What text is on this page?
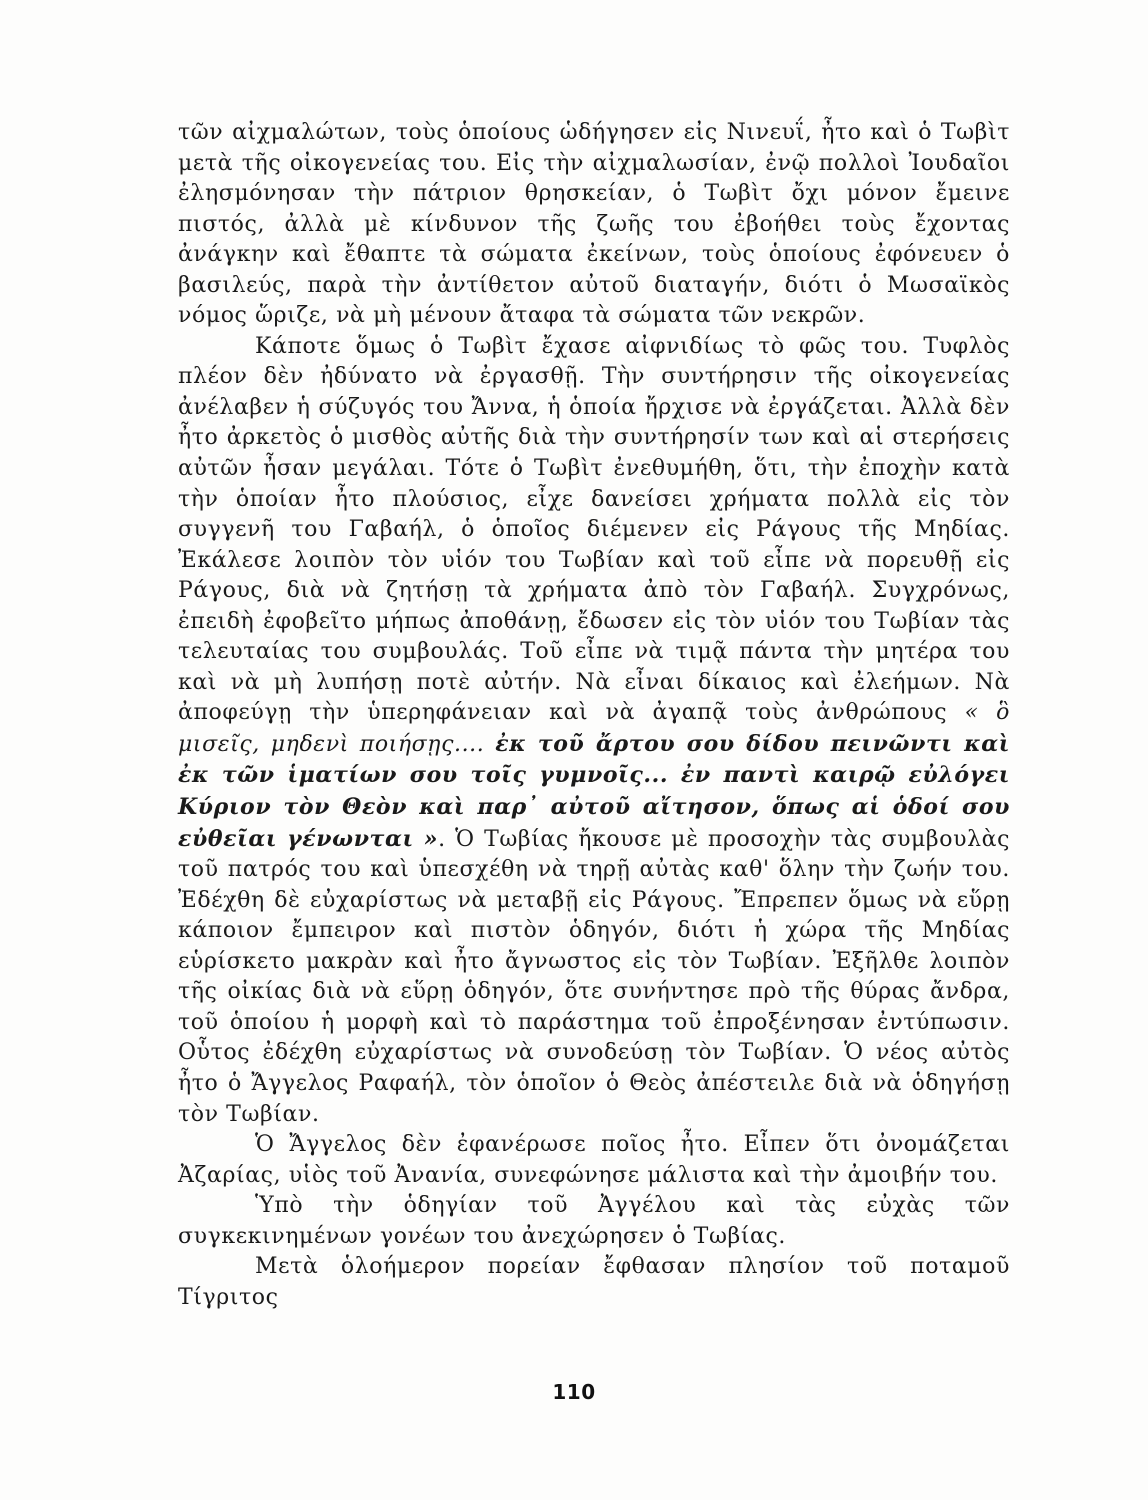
τῶν αἰχμαλώτων, τοὺς ὁποίους ὡδήγησεν εἰς Νινευΐ, ἦτο καὶ ὁ Τωβὶτ μετὰ τῆς οἰκογενείας του. Εἰς τὴν αἰχμαλωσίαν, ἐνῷ πολλοὶ Ἰουδαῖοι ἐλησμόνησαν τὴν πάτριον θρησκείαν, ὁ Τωβὶτ ὄχι μόνον ἔμεινε πιστός, ἀλλὰ μὲ κίνδυνον τῆς ζωῆς του ἐβοήθει τοὺς ἔχοντας ἀνάγκην καὶ ἔθαπτε τὰ σώματα ἐκείνων, τοὺς ὁποίους ἐφόνευεν ὁ βασιλεύς, παρὰ τὴν ἀντίθετον αὐτοῦ διαταγήν, διότι ὁ Μωσαϊκὸς νόμος ὥριζε, νὰ μὴ μένουν ἄταφα τὰ σώματα τῶν νεκρῶν.

Κάποτε ὅμως ὁ Τωβὶτ ἔχασε αἰφνιδίως τὸ φῶς του. Τυφλὸς πλέον δὲν ἠδύνατο νὰ ἐργασθῇ. Τὴν συντήρησιν τῆς οἰκογενείας ἀνέλαβεν ἡ σύζυγός του Ἄννα, ἡ ὁποία ἤρχισε νὰ ἐργάζεται. Ἀλλὰ δὲν ἦτο ἀρκετὸς ὁ μισθὸς αὐτῆς διὰ τὴν συντήρησίν των καὶ αἱ στερήσεις αὐτῶν ἦσαν μεγάλαι. Τότε ὁ Τωβὶτ ἐνεθυμήθη, ὅτι, τὴν ἐποχὴν κατὰ τὴν ὁποίαν ἦτο πλούσιος, εἶχε δανείσει χρήματα πολλὰ εἰς τὸν συγγενῆ του Γαβαήλ, ὁ ὁποῖος διέμενεν εἰς Ράγους τῆς Μηδίας. Ἐκάλεσε λοιπὸν τὸν υἱόν του Τωβίαν καὶ τοῦ εἶπε νὰ πορευθῇ εἰς Ράγους, διὰ νὰ ζητήσῃ τὰ χρήματα ἀπὸ τὸν Γαβαήλ. Συγχρόνως, ἐπειδὴ ἐφοβεῖτο μήπως ἀποθάνῃ, ἔδωσεν εἰς τὸν υἱόν του Τωβίαν τὰς τελευταίας του συμβουλάς. Τοῦ εἶπε νὰ τιμᾷ πάντα τὴν μητέρα του καὶ νὰ μὴ λυπήσῃ ποτὲ αὐτήν. Νὰ εἶναι δίκαιος καὶ ἐλεήμων. Νὰ ἀποφεύγῃ τὴν ὑπερηφάνειαν καὶ νὰ ἀγαπᾷ τοὺς ἀνθρώπους « ὃ μισεῖς, μηδενὶ ποιήσῃς.... ἐκ τοῦ ἄρτου σου δίδου πεινῶντι καὶ ἐκ τῶν ἱματίων σου τοῖς γυμνοῖς... ἐν παντὶ καιρῷ εὐλόγει Κύριον τὸν Θεὸν καὶ παρ᾽ αὐτοῦ αἴτησον, ὅπως αἱ ὁδοί σου εὐθεῖαι γένωνται ». Ὁ Τωβίας ἤκουσε μὲ προσοχὴν τὰς συμβουλὰς τοῦ πατρός του καὶ ὑπεσχέθη νὰ τηρῇ αὐτὰς καθ' ὅλην τὴν ζωήν του. Ἐδέχθη δὲ εὐχαρίστως νὰ μεταβῇ εἰς Ράγους. Ἔπρεπεν ὅμως νὰ εὕρῃ κάποιον ἔμπειρον καὶ πιστὸν ὁδηγόν, διότι ἡ χώρα τῆς Μηδίας εὑρίσκετο μακρὰν καὶ ἦτο ἄγνωστος εἰς τὸν Τωβίαν. Ἐξῆλθε λοιπὸν τῆς οἰκίας διὰ νὰ εὕρῃ ὁδηγόν, ὅτε συνήντησε πρὸ τῆς θύρας ἄνδρα, τοῦ ὁποίου ἡ μορφὴ καὶ τὸ παράστημα τοῦ ἐπροξένησαν ἐντύπωσιν. Οὗτος ἐδέχθη εὐχαρίστως νὰ συνοδεύσῃ τὸν Τωβίαν. Ὁ νέος αὐτὸς ἦτο ὁ Ἄγγελος Ραφαήλ, τὸν ὁποῖον ὁ Θεὸς ἀπέστειλε διὰ νὰ ὁδηγήσῃ τὸν Τωβίαν.

Ὁ Ἄγγελος δὲν ἐφανέρωσε ποῖος ἦτο. Εἶπεν ὅτι ὀνομάζεται Ἀζαρίας, υἱὸς τοῦ Ἀνανία, συνεφώνησε μάλιστα καὶ τὴν ἀμοιβήν του.

Ὑπὸ τὴν ὁδηγίαν τοῦ Ἀγγέλου καὶ τὰς εὐχὰς τῶν συγκεκινημένων γονέων του ἀνεχώρησεν ὁ Τωβίας.

Μετὰ ὁλοήμερον πορείαν ἔφθασαν πλησίον τοῦ ποταμοῦ Τίγριτος

110
